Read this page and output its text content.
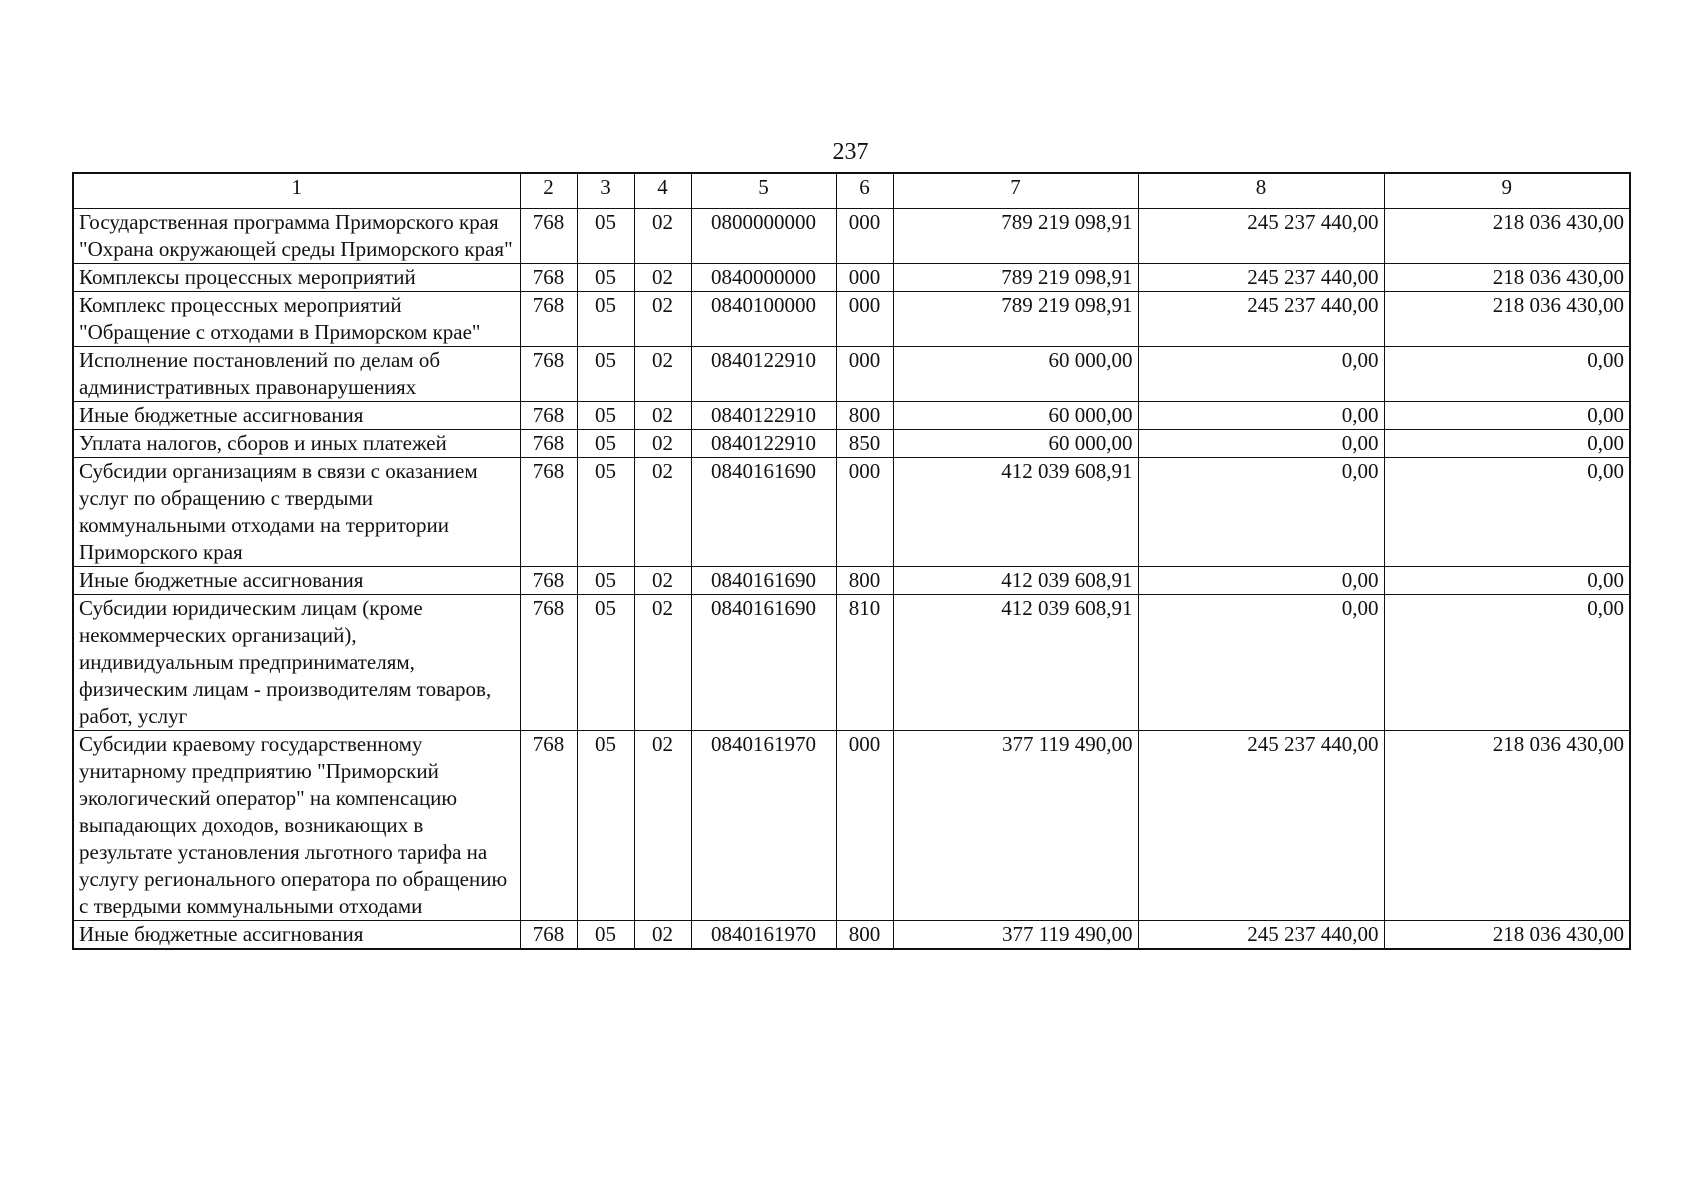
237
1	2	3	4	5	6	7	8	9
Государственная программа Приморского края "Охрана окружающей среды Приморского края"	768	05	02	0800000000	000	789 219 098,91	245 237 440,00	218 036 430,00
Комплексы процессных мероприятий	768	05	02	0840000000	000	789 219 098,91	245 237 440,00	218 036 430,00
Комплекс процессных мероприятий "Обращение с отходами в Приморском крае"	768	05	02	0840100000	000	789 219 098,91	245 237 440,00	218 036 430,00
Исполнение постановлений по делам об административных правонарушениях	768	05	02	0840122910	000	60 000,00	0,00	0,00
Иные бюджетные ассигнования	768	05	02	0840122910	800	60 000,00	0,00	0,00
Уплата налогов, сборов и иных платежей	768	05	02	0840122910	850	60 000,00	0,00	0,00
Субсидии организациям в связи с оказанием услуг по обращению с твердыми коммунальными отходами на территории Приморского края	768	05	02	0840161690	000	412 039 608,91	0,00	0,00
Иные бюджетные ассигнования	768	05	02	0840161690	800	412 039 608,91	0,00	0,00
Субсидии юридическим лицам (кроме некоммерческих организаций), индивидуальным предпринимателям, физическим лицам - производителям товаров, работ, услуг	768	05	02	0840161690	810	412 039 608,91	0,00	0,00
Субсидии краевому государственному унитарному предприятию "Приморский экологический оператор" на компенсацию выпадающих доходов, возникающих в результате установления льготного тарифа на услугу регионального оператора по обращению с твердыми коммунальными отходами	768	05	02	0840161970	000	377 119 490,00	245 237 440,00	218 036 430,00
Иные бюджетные ассигнования	768	05	02	0840161970	800	377 119 490,00	245 237 440,00	218 036 430,00
